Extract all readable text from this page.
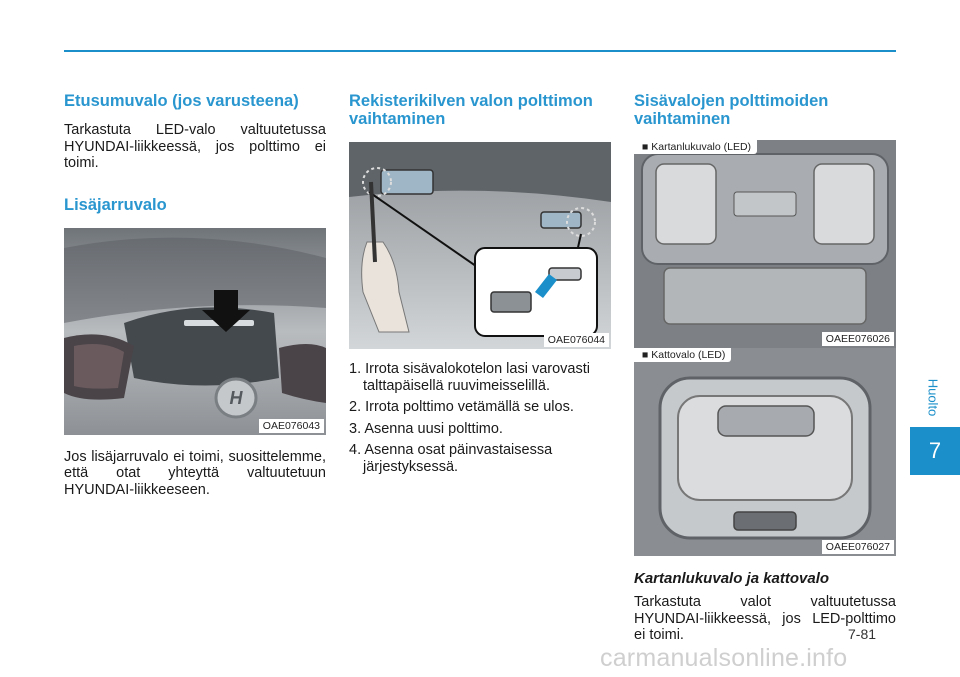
Etusumuvalo (jos varusteena)

Tarkastuta LED-valo valtuutetussa HYUNDAI-liikkeessä, jos polttimo ei toimi.

Lisäjarruvalo
H
OAE076043

Jos lisäjarruvalo ei toimi, suosittelemme, että otat yhteyttä valtuutetuun HYUNDAI-liikkeeseen.

Rekisterikilven valon polttimon vaihtaminen
OAE076044
1. Irrota sisävalokotelon lasi varovasti talttapäisellä ruuvimeisselillä.
2. Irrota polttimo vetämällä se ulos.
3. Asenna uusi polttimo.
4. Asenna osat päinvastaisessa järjestyksessä.
Sisävalojen polttimoiden vaihtaminen
■ Kartanlukuvalo (LED)
OAEE076026
■ Kattovalo (LED)
OAEE076027
Kartanlukuvalo ja kattovalo

Tarkastuta valot valtuutetussa HYUNDAI-liikkeessä, jos LED-polttimo ei toimi.

Huolto
7
7-81
carmanualsonline.info
